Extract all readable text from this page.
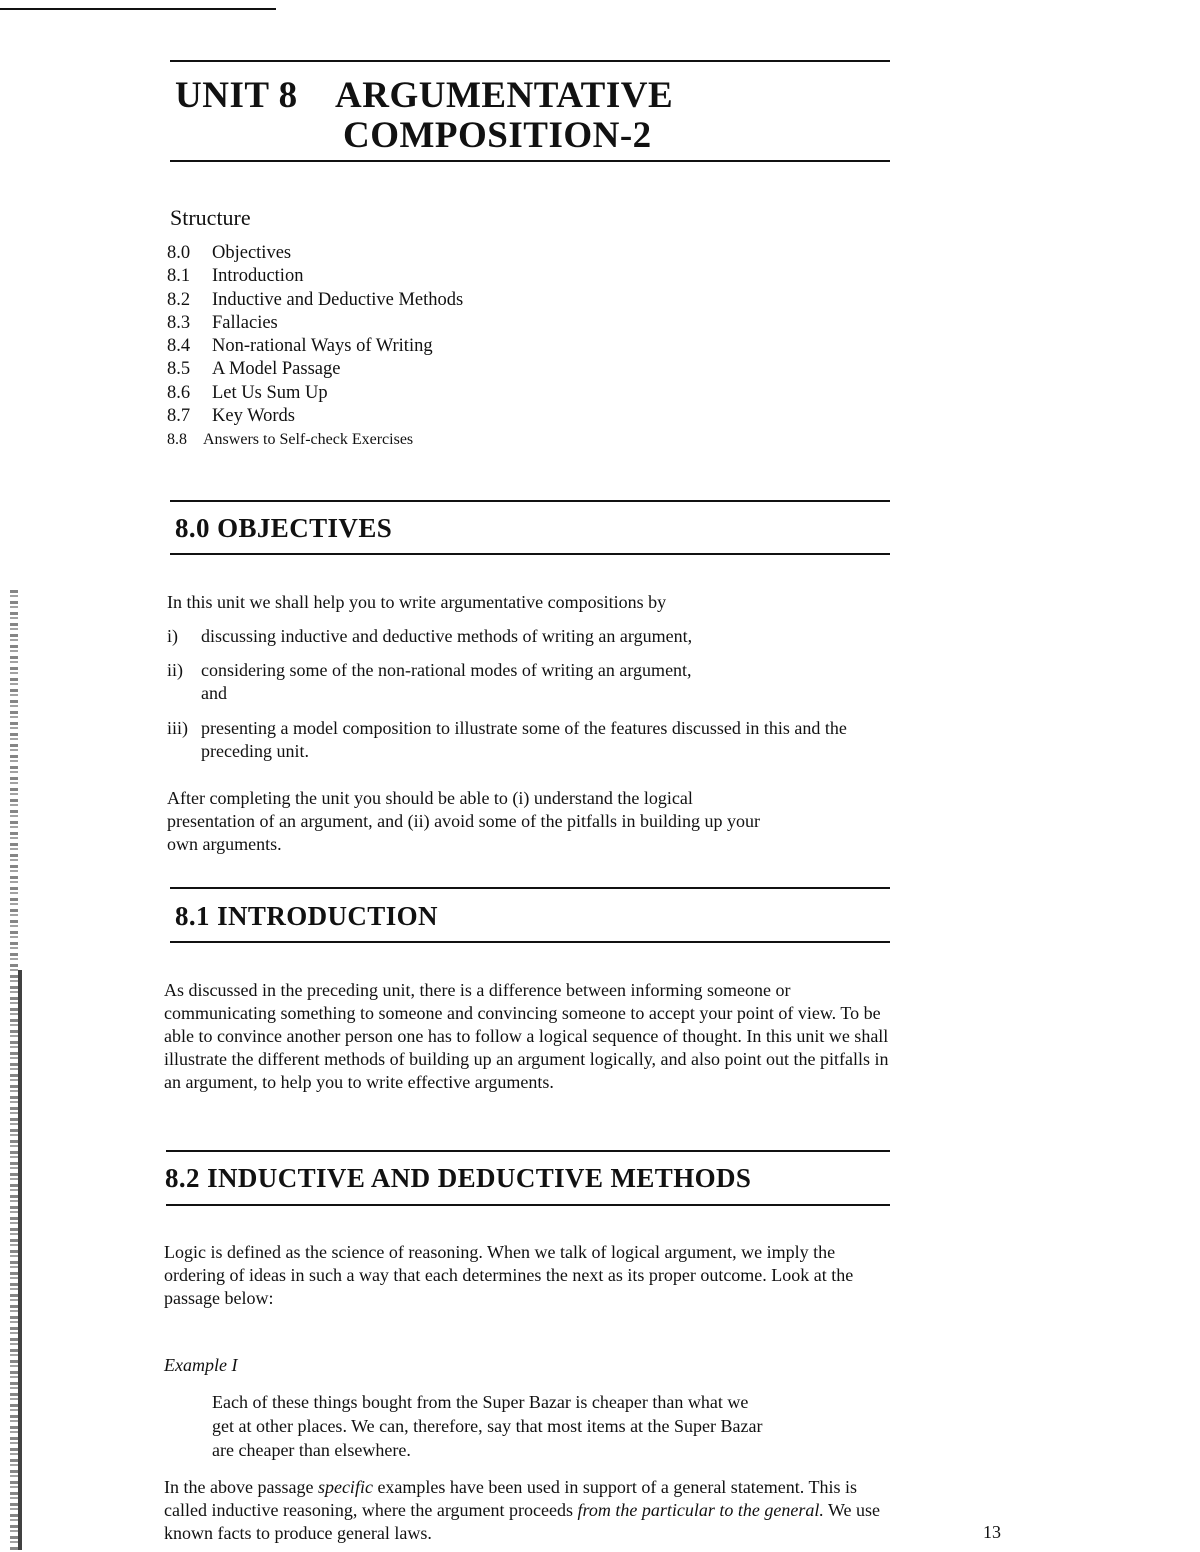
UNIT 8 ARGUMENTATIVE
COMPOSITION-2
Structure
8.0 Objectives
8.1 Introduction
8.2 Inductive and Deductive Methods
8.3 Fallacies
8.4 Non-rational Ways of Writing
8.5 A Model Passage
8.6 Let Us Sum Up
8.7 Key Words
8.8 Answers to Self-check Exercises
8.0 OBJECTIVES

In this unit we shall help you to write argumentative compositions by

i) discussing inductive and deductive methods of writing an argument,
ii) considering some of the non-rational modes of writing an argument, and
iii) presenting a model composition to illustrate some of the features discussed in this and the preceding unit.

After completing the unit you should be able to (i) understand the logical presentation of an argument, and (ii) avoid some of the pitfalls in building up your own arguments.

8.1 INTRODUCTION

As discussed in the preceding unit, there is a difference between informing someone or communicating something to someone and convincing someone to accept your point of view. To be able to convince another person one has to follow a logical sequence of thought. In this unit we shall illustrate the different methods of building up an argument logically, and also point out the pitfalls in an argument, to help you to write effective arguments.

8.2 INDUCTIVE AND DEDUCTIVE METHODS

Logic is defined as the science of reasoning. When we talk of logical argument, we imply the ordering of ideas in such a way that each determines the next as its proper outcome. Look at the passage below:

Example I

Each of these things bought from the Super Bazar is cheaper than what we get at other places. We can, therefore, say that most items at the Super Bazar are cheaper than elsewhere.

In the above passage specific examples have been used in support of a general statement. This is called inductive reasoning, where the argument proceeds from the particular to the general. We use known facts to produce general laws.	13
